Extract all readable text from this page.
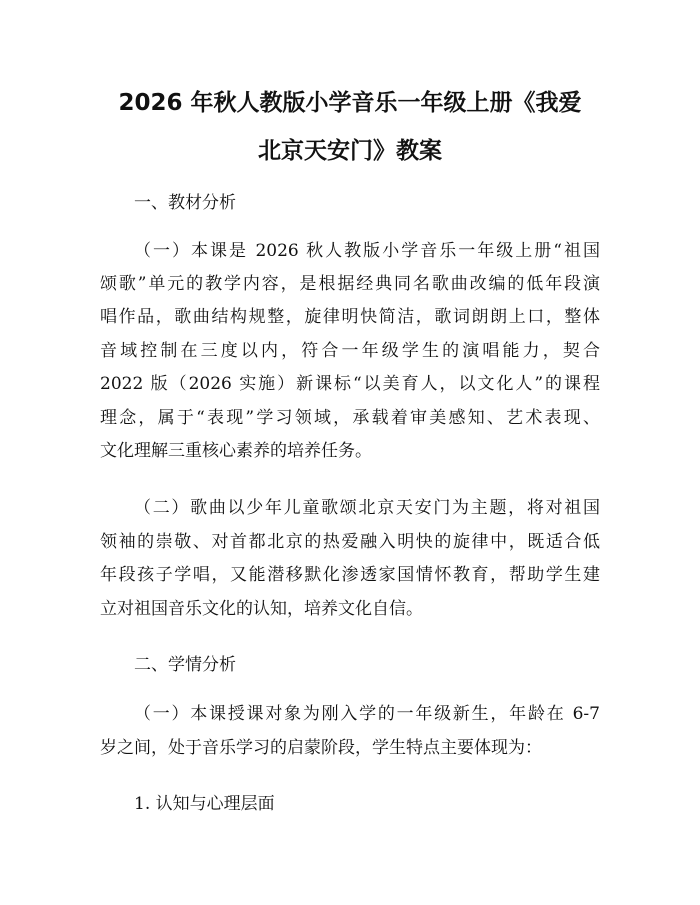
2026 年秋人教版小学音乐一年级上册《我爱
北京天安门》教案
一、教材分析
（一）本课是 2026 秋人教版小学音乐一年级上册“祖国
颂歌”单元的教学内容，是根据经典同名歌曲改编的低年段演
唱作品，歌曲结构规整，旋律明快简洁，歌词朗朗上口，整体
音域控制在三度以内，符合一年级学生的演唱能力，契合
2022 版（2026 实施）新课标“以美育人，以文化人”的课程
理念，属于“表现”学习领域，承载着审美感知、艺术表现、
文化理解三重核心素养的培养任务。
（二）歌曲以少年儿童歌颂北京天安门为主题，将对祖国
领袖的崇敬、对首都北京的热爱融入明快的旋律中，既适合低
年段孩子学唱，又能潜移默化渗透家国情怀教育，帮助学生建
立对祖国音乐文化的认知，培养文化自信。
二、学情分析
（一）本课授课对象为刚入学的一年级新生，年龄在 6-7
岁之间，处于音乐学习的启蒙阶段，学生特点主要体现为：
1. 认知与心理层面
